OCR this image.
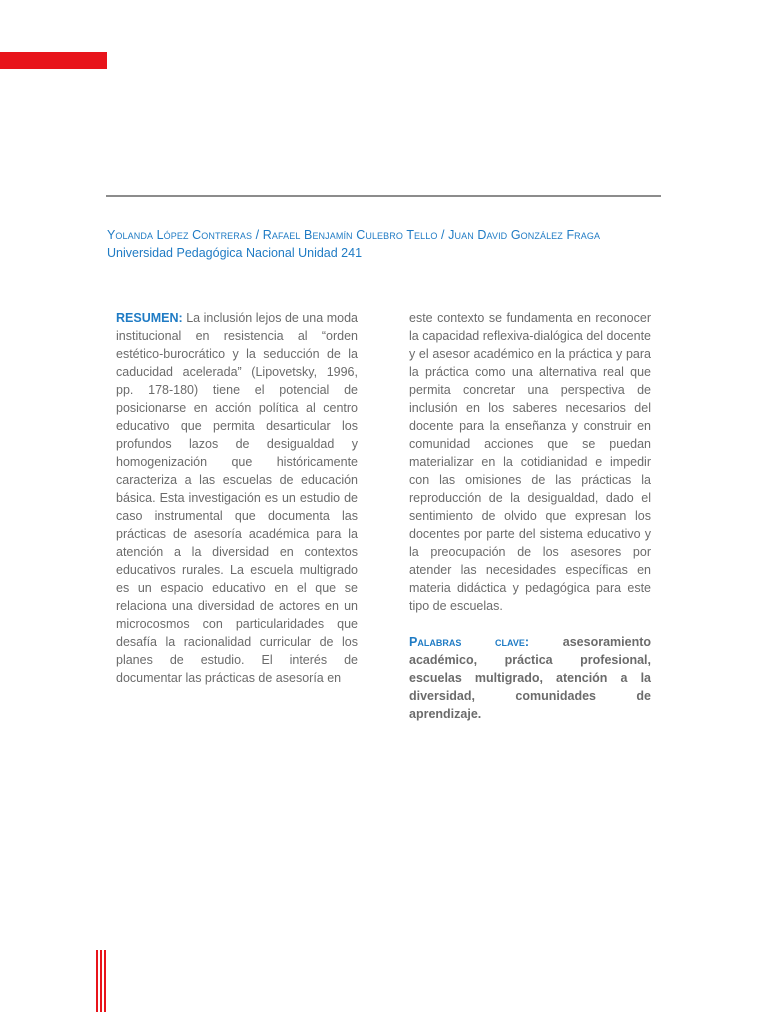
Yolanda López Contreras / Rafael Benjamín Culebro Tello / Juan David González Fraga
Universidad Pedagógica Nacional Unidad 241
RESUMEN: La inclusión lejos de una moda institucional en resistencia al “orden estético-burocrático y la seducción de la caducidad acelerada” (Lipovetsky, 1996, pp. 178-180) tiene el potencial de posicionarse en acción política al centro educativo que permita desarticular los profundos lazos de desigualdad y homogenización que históricamente caracteriza a las escuelas de educación básica. Esta investigación es un estudio de caso instrumental que documenta las prácticas de asesoría académica para la atención a la diversidad en contextos educativos rurales. La escuela multigrado es un espacio educativo en el que se relaciona una diversidad de actores en un microcosmos con particularidades que desafía la racionalidad curricular de los planes de estudio. El interés de documentar las prácticas de asesoría en
este contexto se fundamenta en reconocer la capacidad reflexiva-dialógica del docente y el asesor académico en la práctica y para la práctica como una alternativa real que permita concretar una perspectiva de inclusión en los saberes necesarios del docente para la enseñanza y construir en comunidad acciones que se puedan materializar en la cotidianidad e impedir con las omisiones de las prácticas la reproducción de la desigualdad, dado el sentimiento de olvido que expresan los docentes por parte del sistema educativo y la preocupación de los asesores por atender las necesidades específicas en materia didáctica y pedagógica para este tipo de escuelas.
Palabras clave:	asesoramiento académico, práctica profesional, escuelas multigrado, atención a la diversidad, comunidades de aprendizaje.
